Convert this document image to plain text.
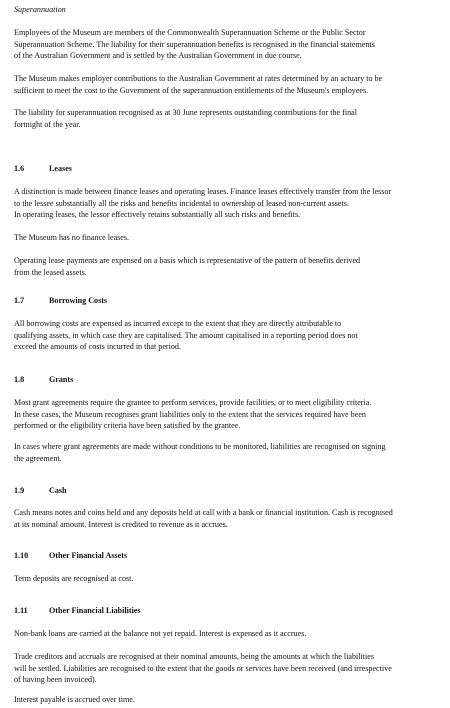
Superannuation

Employees of the Museum are members of the Commonwealth Superannuation Scheme or the Public Sector
Superannuation Scheme. The liability for their superannuation benefits is recognised in the financial statements
of the Australian Government and is settled by the Australian Government in due course.

The Museum makes employer contributions to the Australian Government at rates determined by an actuary to be
sufficient to meet the cost to the Government of the superannuation entitlements of the Museum's employees.

The liability for superannuation recognised as at 30 June represents outstanding contributions for the final
fortnight of the year.

1.6	Leases

A distinction is made between finance leases and operating leases. Finance leases effectively transfer from the lessor
to the lessee substantially all the risks and benefits incidental to ownership of leased non-current assets.
In operating leases, the lessor effectively retains substantially all such risks and benefits.

The Museum has no finance leases.

Operating lease payments are expensed on a basis which is representative of the pattern of benefits derived
from the leased assets.

1.7	Borrowing Costs

All borrowing costs are expensed as incurred except to the extent that they are directly attributable to
qualifying assets, in which case they are capitalised. The amount capitalised in a reporting period does not
exceed the amounts of costs incurred in that period.

1.8	Grants

Most grant agreements require the grantee to perform services, provide facilities, or to meet eligibility criteria.
In these cases, the Museum recognises grant liabilities only to the extent that the services required have been
performed or the eligibility criteria have been satisfied by the grantee.

In cases where grant agreements are made without conditions to be monitored, liabilities are recognised on signing
the agreement.

1.9	Cash

Cash means notes and coins held and any deposits held at call with a bank or financial institution. Cash is recognised
at its nominal amount. Interest is credited to revenue as it accrues.

1.10	Other Financial Assets

Term deposits are recognised at cost.

1.11	Other Financial Liabilities

Non-bank loans are carried at the balance not yet repaid. Interest is expensed as it accrues.

Trade creditors and accruals are recognised at their nominal amounts, being the amounts at which the liabilities
will be settled. Liabilities are recognised to the extent that the goods or services have been received (and irrespective
of having been invoiced).

Interest payable is accrued over time.
